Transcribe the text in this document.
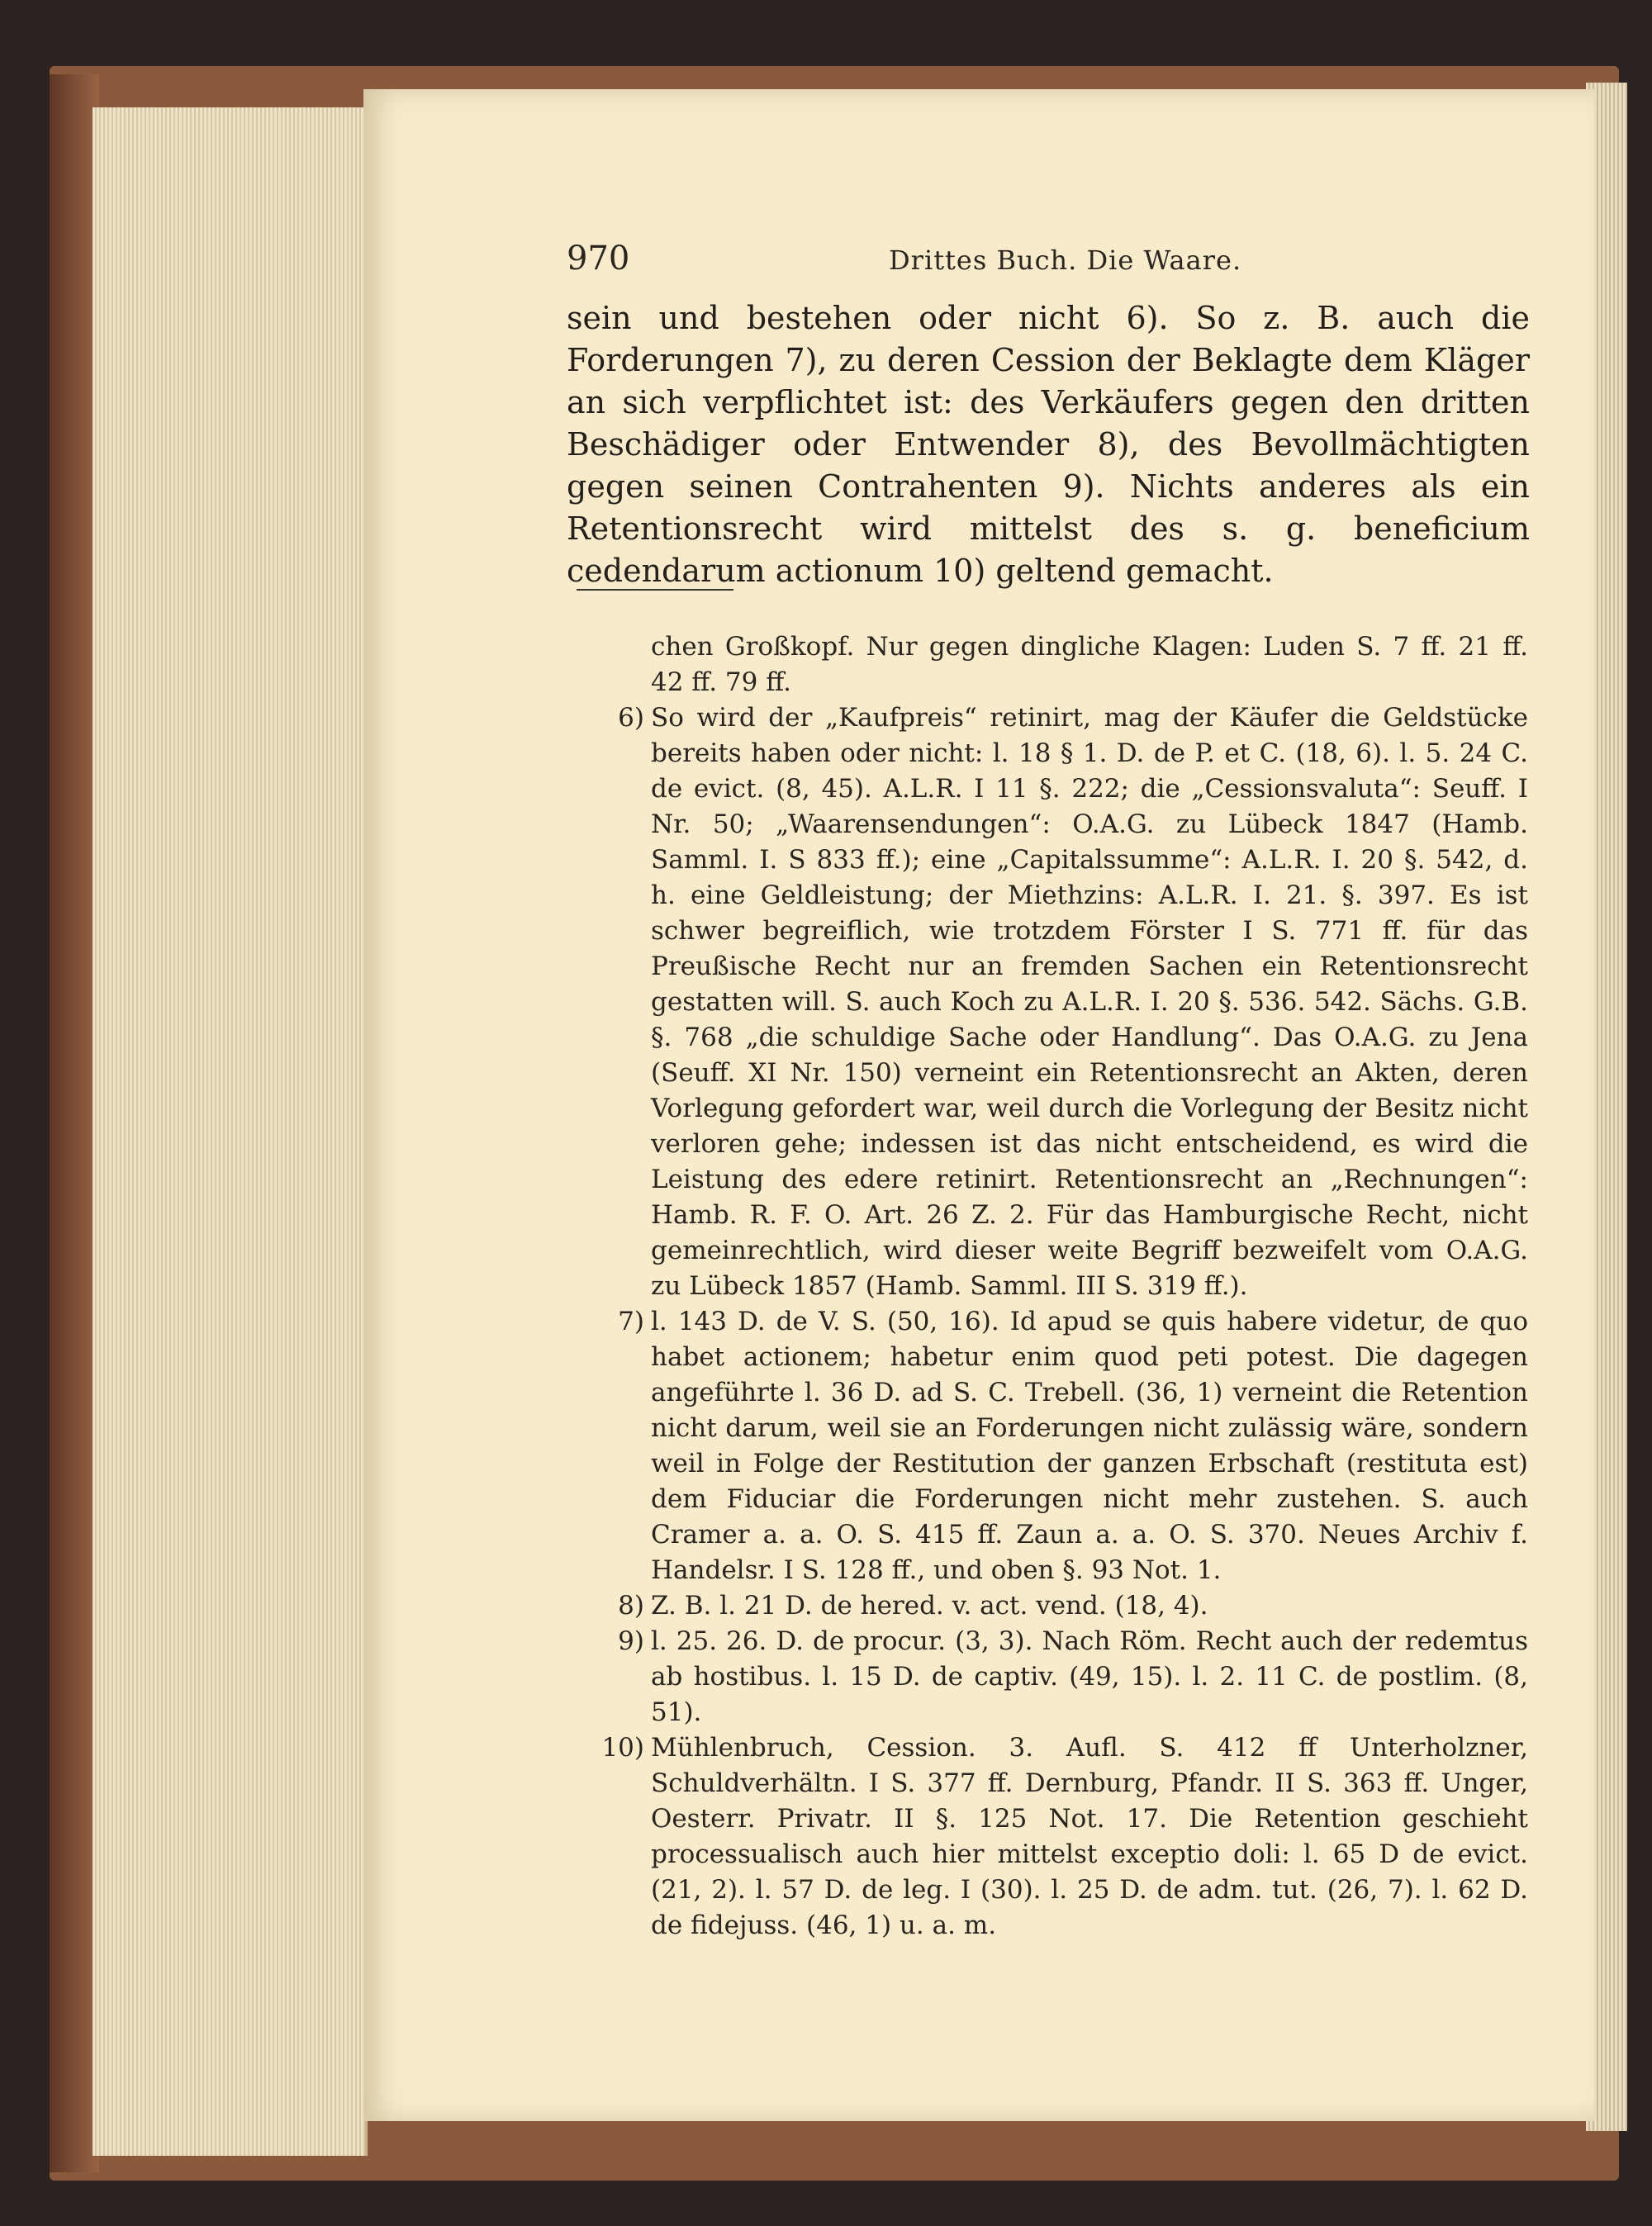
970	Drittes Buch. Die Waare.

sein und bestehen oder nicht 6). So z. B. auch die Forderungen 7), zu deren Cession der Beklagte dem Kläger an sich verpflichtet ist: des Verkäufers gegen den dritten Beschädiger oder Entwender 8), des Bevollmächtigten gegen seinen Contrahenten 9). Nichts anderes als ein Retentionsrecht wird mittelst des s. g. beneficium cedendarum actionum 10) geltend gemacht.

chen Großkopf. Nur gegen dingliche Klagen: Luden S. 7 ff. 21 ff. 42 ff. 79 ff.
6) So wird der „Kaufpreis“ retinirt, mag der Käufer die Geldstücke bereits haben oder nicht: l. 18 § 1. D. de P. et C. (18, 6). l. 5. 24 C. de evict. (8, 45). A.L.R. I 11 §. 222; die „Cessionsvaluta“: Seuff. I Nr. 50; „Waarensendungen“: O.A.G. zu Lübeck 1847 (Hamb. Samml. I. S 833 ff.); eine „Capitalssumme“: A.L.R. I. 20 §. 542, d. h. eine Geldleistung; der Miethzins: A.L.R. I. 21. §. 397. Es ist schwer begreiflich, wie trotzdem Förster I S. 771 ff. für das Preußische Recht nur an fremden Sachen ein Retentionsrecht gestatten will. S. auch Koch zu A.L.R. I. 20 §. 536. 542. Sächs. G.B. §. 768 „die schuldige Sache oder Handlung“. Das O.A.G. zu Jena (Seuff. XI Nr. 150) verneint ein Retentionsrecht an Akten, deren Vorlegung gefordert war, weil durch die Vorlegung der Besitz nicht verloren gehe; indessen ist das nicht entscheidend, es wird die Leistung des edere retinirt. Retentionsrecht an „Rechnungen“: Hamb. R. F. O. Art. 26 Z. 2. Für das Hamburgische Recht, nicht gemeinrechtlich, wird dieser weite Begriff bezweifelt vom O.A.G. zu Lübeck 1857 (Hamb. Samml. III S. 319 ff.).
7) l. 143 D. de V. S. (50, 16). Id apud se quis habere videtur, de quo habet actionem; habetur enim quod peti potest. Die dagegen angeführte l. 36 D. ad S. C. Trebell. (36, 1) verneint die Retention nicht darum, weil sie an Forderungen nicht zulässig wäre, sondern weil in Folge der Restitution der ganzen Erbschaft (restituta est) dem Fiduciar die Forderungen nicht mehr zustehen. S. auch Cramer a. a. O. S. 415 ff. Zaun a. a. O. S. 370. Neues Archiv f. Handelsr. I S. 128 ff., und oben §. 93 Not. 1.
8) Z. B. l. 21 D. de hered. v. act. vend. (18, 4).
9) l. 25. 26. D. de procur. (3, 3). Nach Röm. Recht auch der redemtus ab hostibus. l. 15 D. de captiv. (49, 15). l. 2. 11 C. de postlim. (8, 51).
10) Mühlenbruch, Cession. 3. Aufl. S. 412 ff Unterholzner, Schuldverhältn. I S. 377 ff. Dernburg, Pfandr. II S. 363 ff. Unger, Oesterr. Privatr. II §. 125 Not. 17. Die Retention geschieht processualisch auch hier mittelst exceptio doli: l. 65 D de evict. (21, 2). l. 57 D. de leg. I (30). l. 25 D. de adm. tut. (26, 7). l. 62 D. de fidejuss. (46, 1) u. a. m.
